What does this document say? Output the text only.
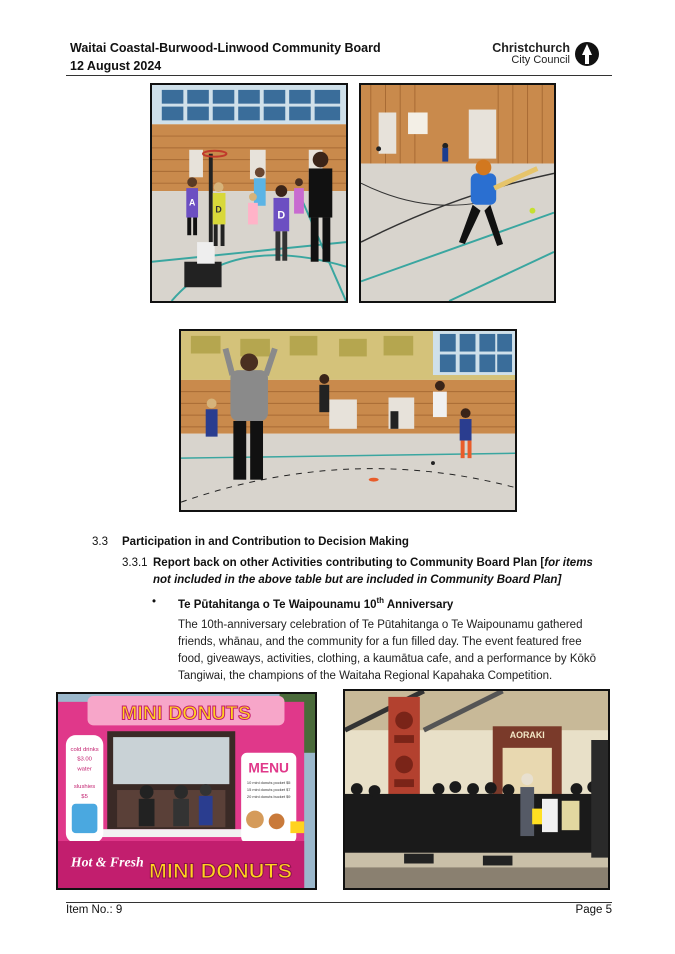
Waitai Coastal-Burwood-Linwood Community Board
12 August 2024
Christchurch
City Council
A
D
D
3.3 Participation in and Contribution to Decision Making
3.3.1 Report back on other Activities contributing to Community Board Plan [for items
not included in the above table but are included in Community Board Plan]
• Te Pūtahitanga o Te Waipounamu 10th Anniversary
The 10th-anniversary celebration of Te Pūtahitanga o Te Waipounamu gathered
friends, whānau, and the community for a fun filled day. The event featured free
food, giveaways, activities, clothing, a kaumātua cafe, and a performance by Kōkō
Tangiwai, the champions of the Waitaha Regional Kapahaka Competition.
MINI DONUTS
cold drinks
$3.00
water
slushies
$5
MENU
10 mini donuts pocket $5
15 mini donuts pocket $7
20 mini donuts bucket $9
Hot & Fresh MINI DONUTS
AORAKI
Item No.: 9	Page 5
